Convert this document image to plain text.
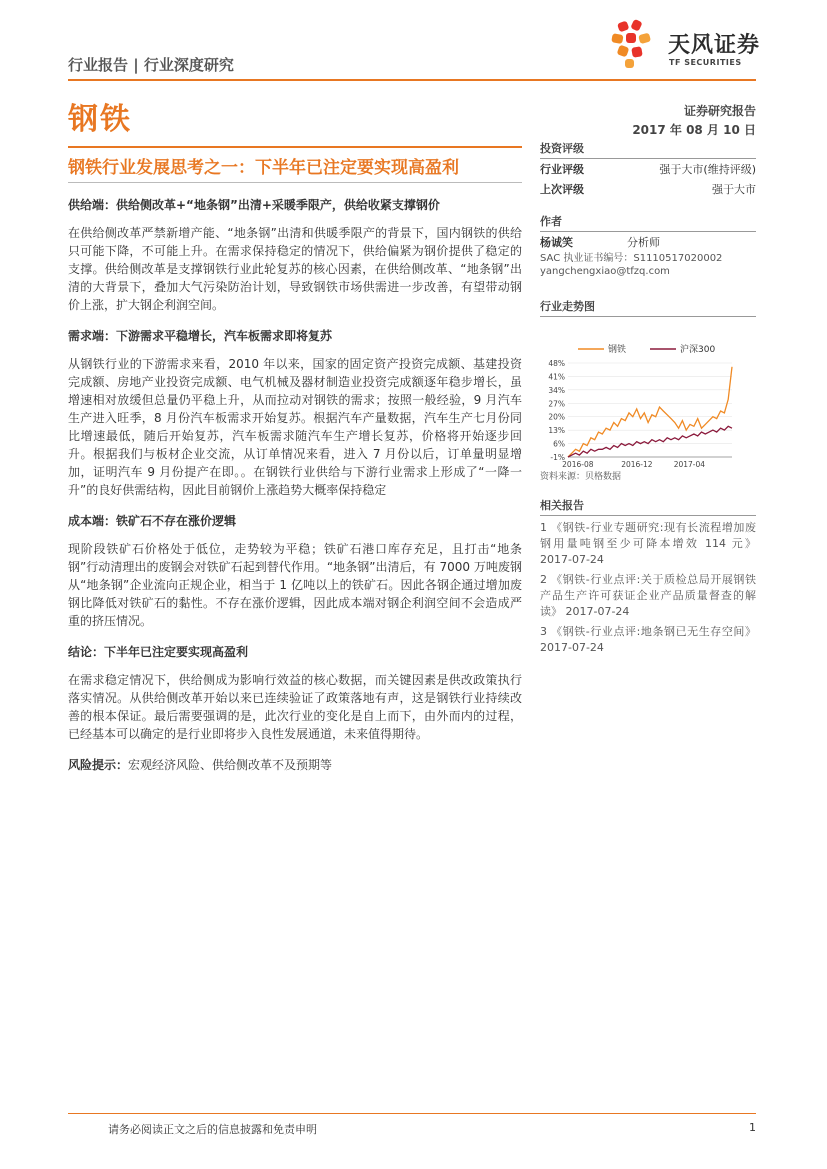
天风证券
TF SECURITIES
行业报告 | 行业深度研究
钢铁	证券研究报告
2017 年 08 月 10 日
钢铁行业发展思考之一：下半年已注定要实现高盈利
供给端：供给侧改革+“地条钢”出清+采暖季限产，供给收紧支撑钢价
在供给侧改革严禁新增产能、“地条钢”出清和供暖季限产的背景下，国内钢铁的供给只可能下降，不可能上升。在需求保持稳定的情况下，供给偏紧为钢价提供了稳定的支撑。供给侧改革是支撑钢铁行业此轮复苏的核心因素，在供给侧改革、“地条钢”出清的大背景下，叠加大气污染防治计划，导致钢铁市场供需进一步改善，有望带动钢价上涨，扩大钢企利润空间。
需求端：下游需求平稳增长，汽车板需求即将复苏
从钢铁行业的下游需求来看，2010 年以来，国家的固定资产投资完成额、基建投资完成额、房地产业投资完成额、电气机械及器材制造业投资完成额逐年稳步增长，虽增速相对放缓但总量仍平稳上升，从而拉动对钢铁的需求；按照一般经验，9 月汽车生产进入旺季，8 月份汽车板需求开始复苏。根据汽车产量数据，汽车生产七月份同比增速最低，随后开始复苏，汽车板需求随汽车生产增长复苏，价格将开始逐步回升。根据我们与板材企业交流，从订单情况来看，进入 7 月份以后，订单量明显增加，证明汽车 9 月份提产在即。。在钢铁行业供给与下游行业需求上形成了“一降一升”的良好供需结构，因此目前钢价上涨趋势大概率保持稳定
成本端：铁矿石不存在涨价逻辑
现阶段铁矿石价格处于低位，走势较为平稳；铁矿石港口库存充足，且打击“地条钢”行动清理出的废钢会对铁矿石起到替代作用。“地条钢”出清后，有 7000 万吨废钢从“地条钢”企业流向正规企业，相当于 1 亿吨以上的铁矿石。因此各钢企通过增加废钢比降低对铁矿石的黏性。不存在涨价逻辑，因此成本端对钢企利润空间不会造成严重的挤压情况。
结论：下半年已注定要实现高盈利
在需求稳定情况下，供给侧成为影响行效益的核心数据，而关键因素是供改政策执行落实情况。从供给侧改革开始以来已连续验证了政策落地有声，这是钢铁行业持续改善的根本保证。最后需要强调的是，此次行业的变化是自上而下，由外而内的过程，已经基本可以确定的是行业即将步入良性发展通道，未来值得期待。
风险提示：宏观经济风险、供给侧改革不及预期等
投资评级
行业评级	强于大市(维持评级)
上次评级	强于大市
作者
杨诚笑	分析师
SAC 执业证书编号：S1110517020002
yangchengxiao@tfzq.com
行业走势图
钢铁	沪深300
-1%
6%
13%
20%
27%
34%
41%
48%
2016-08	2016-12	2017-04
资料来源：贝格数据
相关报告
1 《钢铁-行业专题研究:现有长流程增加废钢用量吨钢至少可降本增效 114 元》 2017-07-24
2 《钢铁-行业点评:关于质检总局开展钢铁产品生产许可获证企业产品质量督查的解读》 2017-07-24
3 《钢铁-行业点评:地条钢已无生存空间》 2017-07-24
请务必阅读正文之后的信息披露和免责申明	1
